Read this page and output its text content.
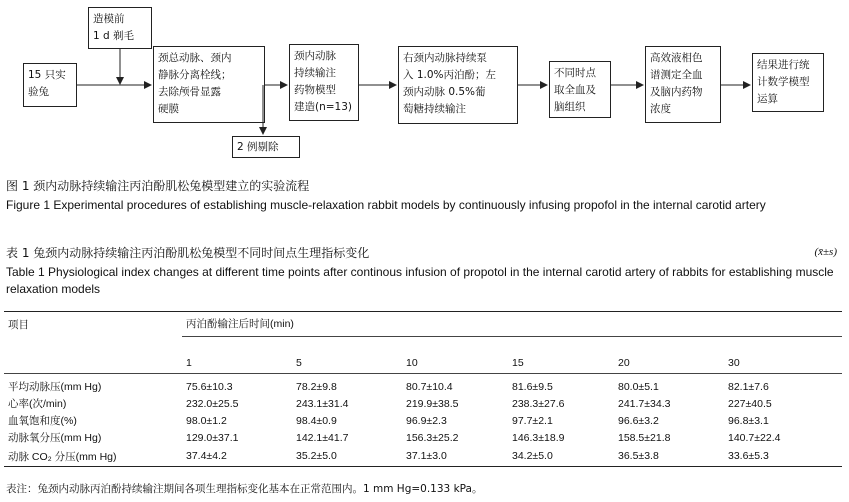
造模前
1 d 剃毛
15 只实
验兔
颈总动脉、颈内
静脉分离栓线；
去除颅骨显露
硬膜
颈内动脉
持续输注
药物模型
建造(n=13)
右颈内动脉持续泵
入 1.0%丙泊酚；左
颈内动脉 0.5%葡
萄糖持续输注
不同时点
取全血及
脑组织
高效液相色
谱测定全血
及脑内药物
浓度
结果进行统
计数学模型
运算
2 例剔除
图 1 颈内动脉持续输注丙泊酚肌松兔模型建立的实验流程
Figure 1 Experimental procedures of establishing muscle-relaxation rabbit models by continuously infusing propofol in the internal carotid artery
表 1 兔颈内动脉持续输注丙泊酚肌松兔模型不同时间点生理指标变化	(x̄±s)
Table 1 Physiological index changes at different time points after continous infusion of propotol in the internal carotid artery of rabbits for establishing muscle relaxation models
项目	丙泊酚输注后时间(min)					

	1	5	10	15	20	30

平均动脉压(mm Hg)	75.6±10.3	78.2±9.8	80.7±10.4	81.6±9.5	80.0±5.1	82.1±7.6
心率(次/min)	232.0±25.5	243.1±31.4	219.9±38.5	238.3±27.6	241.7±34.3	227±40.5
血氧饱和度(%)	98.0±1.2	98.4±0.9	96.9±2.3	97.7±2.1	96.6±3.2	96.8±3.1
动脉氧分压(mm Hg)	129.0±37.1	142.1±41.7	156.3±25.2	146.3±18.9	158.5±21.8	140.7±22.4
动脉 CO₂ 分压(mm Hg)	37.4±4.2	35.2±5.0	37.1±3.0	34.2±5.0	36.5±3.8	33.6±5.3
表注：兔颈内动脉丙泊酚持续输注期间各项生理指标变化基本在正常范围内。1 mm Hg=0.133 kPa。
